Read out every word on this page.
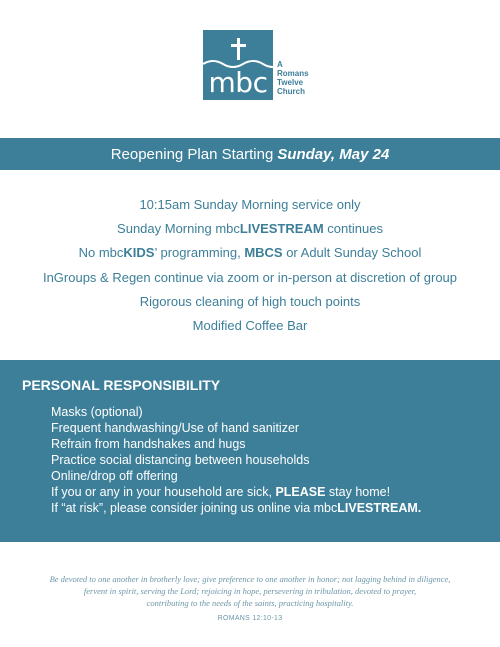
mbc
A
Romans
Twelve
Church
Reopening Plan Starting Sunday, May 24
10:15am Sunday Morning service only
Sunday Morning mbcLIVESTREAM continues
No mbcKIDS’ programming, MBCS or Adult Sunday School
InGroups & Regen continue via zoom or in-person at discretion of group
Rigorous cleaning of high touch points
Modified Coffee Bar
PERSONAL RESPONSIBILITY
Masks (optional)
Frequent handwashing/Use of hand sanitizer
Refrain from handshakes and hugs
Practice social distancing between households
Online/drop off offering
If you or any in your household are sick, PLEASE stay home!
If “at risk”, please consider joining us online via mbcLIVESTREAM.
Be devoted to one another in brotherly love; give preference to one another in honor; not lagging behind in diligence,
fervent in spirit, serving the Lord; rejoicing in hope, persevering in tribulation, devoted to prayer,
contributing to the needs of the saints, practicing hospitality.
ROMANS 12:10-13
